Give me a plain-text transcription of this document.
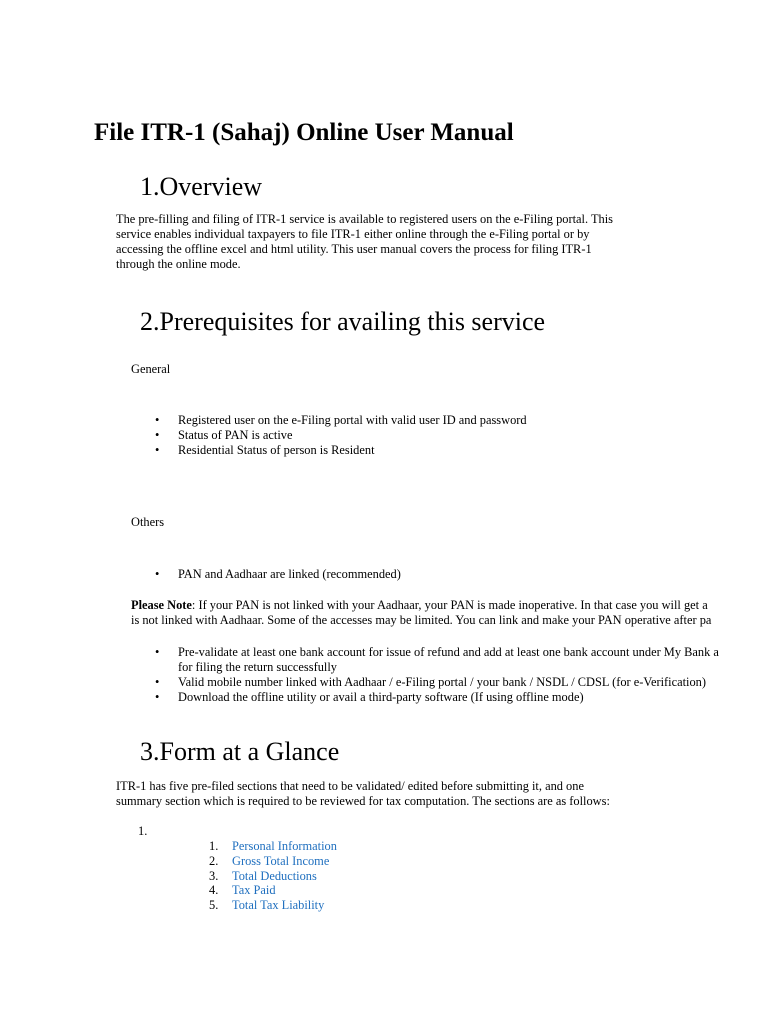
File ITR-1 (Sahaj) Online User Manual
1.Overview
The pre-filling and filing of ITR-1 service is available to registered users on the e-Filing portal. This
service enables individual taxpayers to file ITR-1 either online through the e-Filing portal or by
accessing the offline excel and html utility. This user manual covers the process for filing ITR-1
through the online mode.
2.Prerequisites for availing this service
General
•	Registered user on the e-Filing portal with valid user ID and password
•	Status of PAN is active
•	Residential Status of person is Resident
Others
•	PAN and Aadhaar are linked (recommended)
Please Note: If your PAN is not linked with your Aadhaar, your PAN is made inoperative. In that case you will get a
is not linked with Aadhaar. Some of the accesses may be limited. You can link and make your PAN operative after pa
•	Pre-validate at least one bank account for issue of refund and add at least one bank account under My Bank a
for filing the return successfully
•	Valid mobile number linked with Aadhaar / e-Filing portal / your bank / NSDL / CDSL (for e-Verification)
•	Download the offline utility or avail a third-party software (If using offline mode)
3.Form at a Glance
ITR-1 has five pre-filed sections that need to be validated/ edited before submitting it, and one
summary section which is required to be reviewed for tax computation. The sections are as follows:
1.
1. Personal Information
2. Gross Total Income
3. Total Deductions
4. Tax Paid
5. Total Tax Liability
